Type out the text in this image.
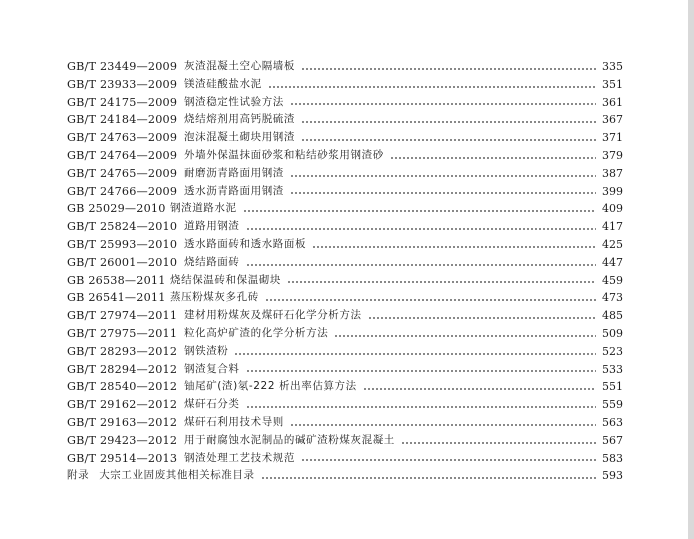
GB/T 23449—2009 灰渣混凝土空心隔墙板	335
GB/T 23933—2009 镁渣硅酸盐水泥	351
GB/T 24175—2009 钢渣稳定性试验方法	361
GB/T 24184—2009 烧结熔剂用高钙脱硫渣	367
GB/T 24763—2009 泡沫混凝土砌块用钢渣	371
GB/T 24764—2009 外墙外保温抹面砂浆和粘结砂浆用钢渣砂	379
GB/T 24765—2009 耐磨沥青路面用钢渣	387
GB/T 24766—2009 透水沥青路面用钢渣	399
GB 25029—2010 钢渣道路水泥	409
GB/T 25824—2010 道路用钢渣	417
GB/T 25993—2010 透水路面砖和透水路面板	425
GB/T 26001—2010 烧结路面砖	447
GB 26538—2011 烧结保温砖和保温砌块	459
GB 26541—2011 蒸压粉煤灰多孔砖	473
GB/T 27974—2011 建材用粉煤灰及煤矸石化学分析方法	485
GB/T 27975—2011 粒化高炉矿渣的化学分析方法	509
GB/T 28293—2012 钢铁渣粉	523
GB/T 28294—2012 钢渣复合料	533
GB/T 28540—2012 铀尾矿(渣)氡-222 析出率估算方法	551
GB/T 29162—2012 煤矸石分类	559
GB/T 29163—2012 煤矸石利用技术导则	563
GB/T 29423—2012 用于耐腐蚀水泥制品的碱矿渣粉煤灰混凝土	567
GB/T 29514—2013 钢渣处理工艺技术规范	583
附录 大宗工业固废其他相关标准目录	593
